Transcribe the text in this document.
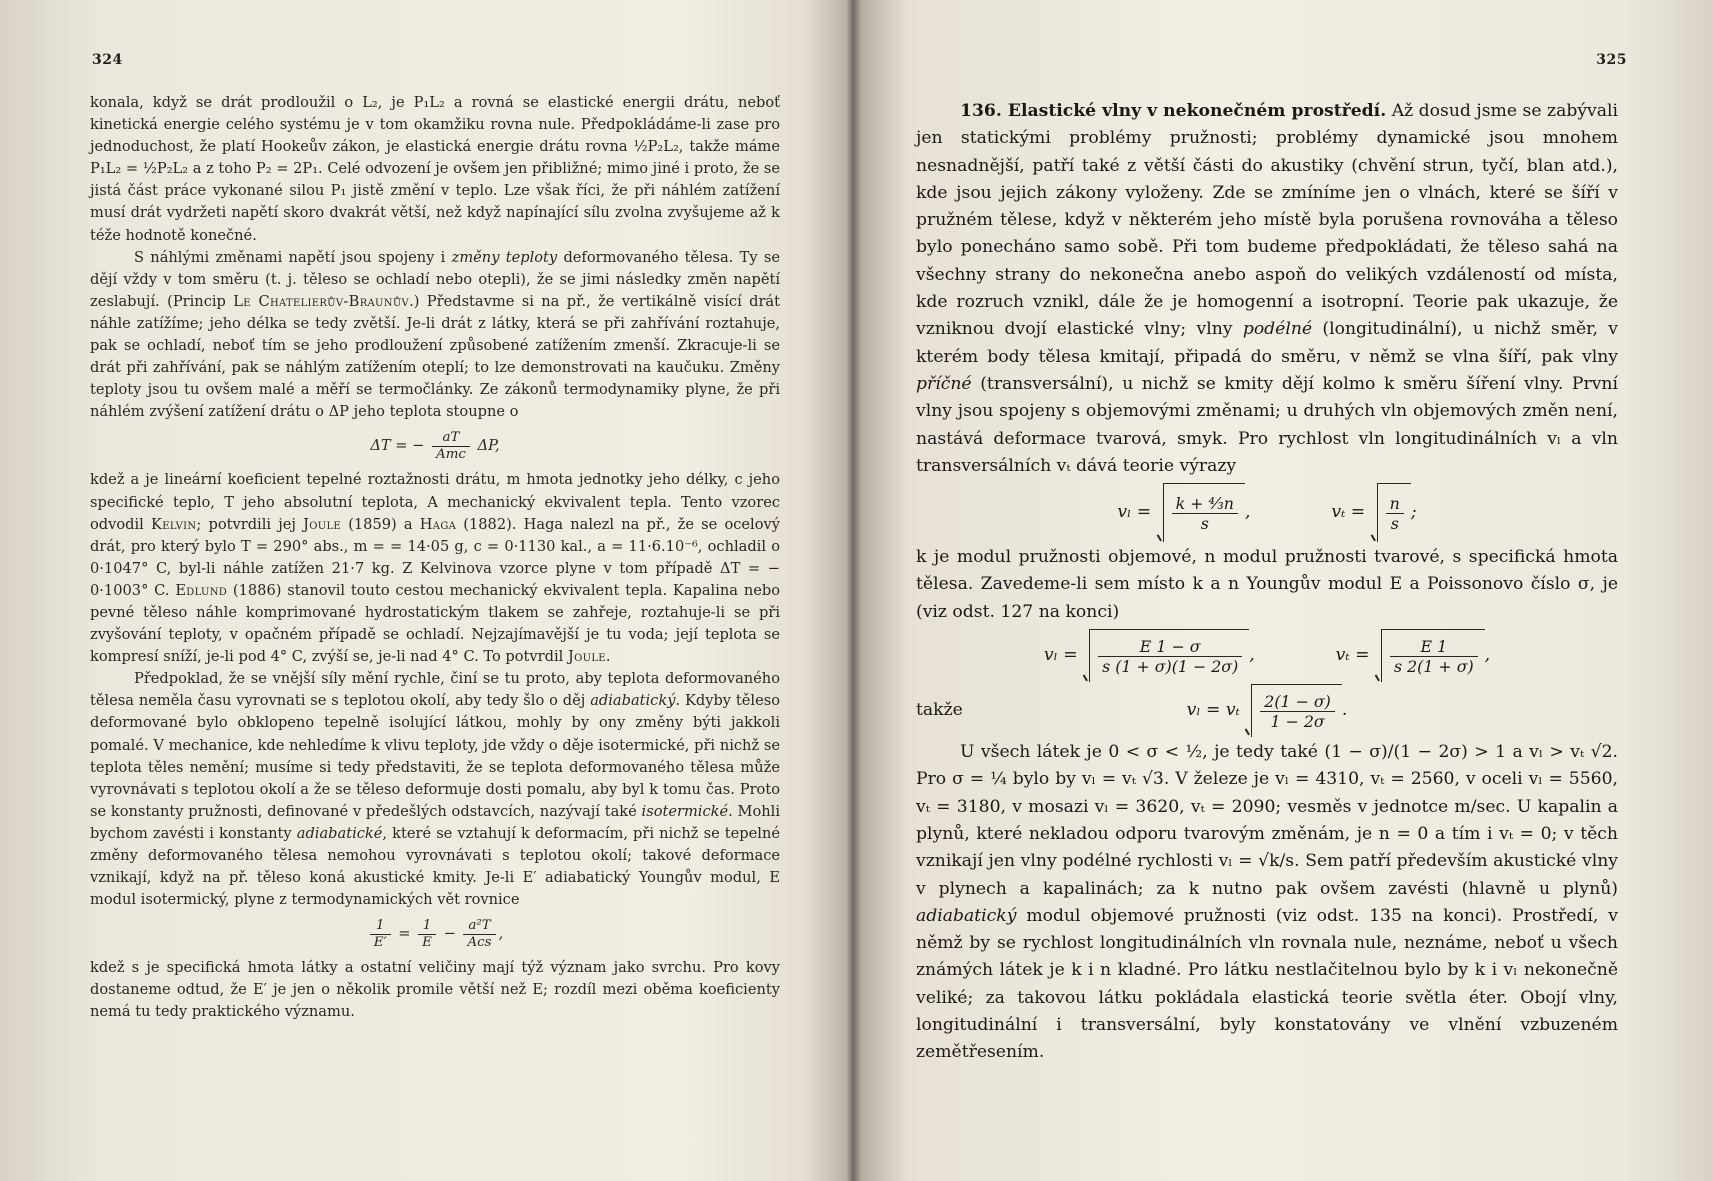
324

konala, když se drát prodloužil o L₂, je P₁L₂ a rovná se elastické energii drátu, neboť kinetická energie celého systému je v tom okamžiku rovna nule. Předpokládáme-li zase pro jednoduchost, že platí Hookeův zákon, je elastická energie drátu rovna ½P₂L₂, takže máme P₁L₂ = ½P₂L₂ a z toho P₂ = 2P₁. Celé odvození je ovšem jen přibližné; mimo jiné i proto, že se jistá část práce vykonané silou P₁ jistě změní v teplo. Lze však říci, že při náhlém zatížení musí drát vydržeti napětí skoro dvakrát větší, než když napínající sílu zvolna zvyšujeme až k téže hodnotě konečné.

S náhlými změnami napětí jsou spojeny i změny teploty deformovaného tělesa. Ty se dějí vždy v tom směru (t. j. těleso se ochladí nebo otepli), že se jimi následky změn napětí zeslabují. (Princip Le Chatelierův-Braunův.) Představme si na př., že vertikálně visící drát náhle zatížíme; jeho délka se tedy zvětší. Je-li drát z látky, která se při zahřívání roztahuje, pak se ochladí, neboť tím se jeho prodloužení způsobené zatížením zmenší. Zkracuje-li se drát při zahřívání, pak se náhlým zatížením oteplí; to lze demonstrovati na kaučuku. Změny teploty jsou tu ovšem malé a měří se termočlánky. Ze zákonů termodynamiky plyne, že při náhlém zvýšení zatížení drátu o ΔP jeho teplota stoupne o

ΔT = − $\frac{aT}{\text{Amc}} \Delta P$,

kdež a je lineární koeficient tepelné roztažnosti drátu, m hmota jednotky jeho délky, c jeho specifické teplo, T jeho absolutní teplota, A mechanický ekvivalent tepla. Tento vzorec odvodil Kelvin; potvrdili jej Joule (1859) a Haga (1882). Haga nalezl na př., že se ocelový drát, pro který bylo T = 290° abs., m = = 14·05 g, c = 0·1130 kal., a = 11·6.10⁻⁶, ochladil o 0·1047° C, byl-li náhle zatížen 21·7 kg. Z Kelvinova vzorce plyne v tom případě ΔT = − 0·1003° C. Edlund (1886) stanovil touto cestou mechanický ekvivalent tepla. Kapalina nebo pevné těleso náhle komprimované hydrostatickým tlakem se zahřeje, roztahuje-li se při zvyšování teploty, v opačném případě se ochladí. Nejzajímavější je tu voda; její teplota se kompresí sníží, je-li pod 4° C, zvýší se, je-li nad 4° C. To potvrdil Joule.

Předpoklad, že se vnější síly mění rychle, činí se tu proto, aby teplota deformovaného tělesa neměla času vyrovnati se s teplotou okolí, aby tedy šlo o děj adiabatický. Kdyby těleso deformované bylo obklopeno tepelně isolující látkou, mohly by ony změny býti jakkoli pomalé. V mechanice, kde nehledíme k vlivu teploty, jde vždy o děje isotermické, při nichž se teplota těles nemění; musíme si tedy představiti, že se teplota deformovaného tělesa může vyrovnávati s teplotou okolí a že se těleso deformuje dosti pomalu, aby byl k tomu čas. Proto se konstanty pružnosti, definované v předešlých odstavcích, nazývají také isotermické. Mohli bychom zavésti i konstanty adiabatické, které se vztahují k deformacím, při nichž se tepelné změny deformovaného tělesa nemohou vyrovnávati s teplotou okolí; takové deformace vznikají, když na př. těleso koná akustické kmity. Je-li E′ adiabatický Youngův modul, E modul isotermický, plyne z termodynamických vět rovnice

$\frac{1}{E'} = \frac{1}{E} - \frac{\text{a²T}}{\text{Acs}}$ ,

kdež s je specifická hmota látky a ostatní veličiny mají týž význam jako svrchu. Pro kovy dostaneme odtud, že E′ je jen o několik promile větší než E; rozdíl mezi oběma koeficienty nemá tu tedy praktického významu.

325

136. Elastické vlny v nekonečném prostředí. Až dosud jsme se zabývali jen statickými problémy pružnosti; problémy dynamické jsou mnohem nesnadnější, patří také z větší části do akustiky (chvění strun, tyčí, blan atd.), kde jsou jejich zákony vyloženy. Zde se zmíníme jen o vlnách, které se šíří v pružném tělese, když v některém jeho místě byla porušena rovnováha a těleso bylo ponecháno samo sobě. Při tom budeme předpokládati, že těleso sahá na všechny strany do nekonečna anebo aspoň do velikých vzdáleností od místa, kde rozruch vznikl, dále že je homogenní a isotropní. Teorie pak ukazuje, že vzniknou dvojí elastické vlny; vlny podélné (longitudinální), u nichž směr, v kterém body tělesa kmitají, připadá do směru, v němž se vlna šíří, pak vlny příčné (transversální), u nichž se kmity dějí kolmo k směru šíření vlny. První vlny jsou spojeny s objemovými změnami; u druhých vln objemových změn není, nastává deformace tvarová, smyk. Pro rychlost vln longitudinálních vₗ a vln transversálních vₜ dává teorie výrazy

$v_l = \frac{\text{k + ⁴⁄₃n}}{s}$ ,	$v_t = \frac{n}{s}$ ;

k je modul pružnosti objemové, n modul pružnosti tvarové, s specifická hmota tělesa. Zavedeme-li sem místo k a n Youngův modul E a Poissonovo číslo σ, je (viz odst. 127 na konci)

$v_l = \frac{E 1 - \sigma}{s (1 + \sigma)(1 - 2\sigma)}$ ,	$v_t = \frac{E 1}{s 2(1 + \sigma)}$ ,
takže	vₗ = vₜ $\frac{2(1 - \sigma)}{1 - 2\sigma}$ .

U všech látek je 0 < σ < ½, je tedy také (1 − σ)/(1 − 2σ) > 1 a vₗ > vₜ √2. Pro σ = ¼ bylo by vₗ = vₜ √3. V železe je vₗ = 4310, vₜ = 2560, v oceli vₗ = 5560, vₜ = 3180, v mosazi vₗ = 3620, vₜ = 2090; vesměs v jednotce m/sec. U kapalin a plynů, které nekladou odporu tvarovým změnám, je n = 0 a tím i vₜ = 0; v těch vznikají jen vlny podélné rychlosti vₗ = √k/s. Sem patří především akustické vlny v plynech a kapalinách; za k nutno pak ovšem zavésti (hlavně u plynů) adiabatický modul objemové pružnosti (viz odst. 135 na konci). Prostředí, v němž by se rychlost longitudinálních vln rovnala nule, neznáme, neboť u všech známých látek je k i n kladné. Pro látku nestlačitelnou bylo by k i vₗ nekonečně veliké; za takovou látku pokládala elastická teorie světla éter. Obojí vlny, longitudinální i transversální, byly konstatovány ve vlnění vzbuzeném zemětřesením.
